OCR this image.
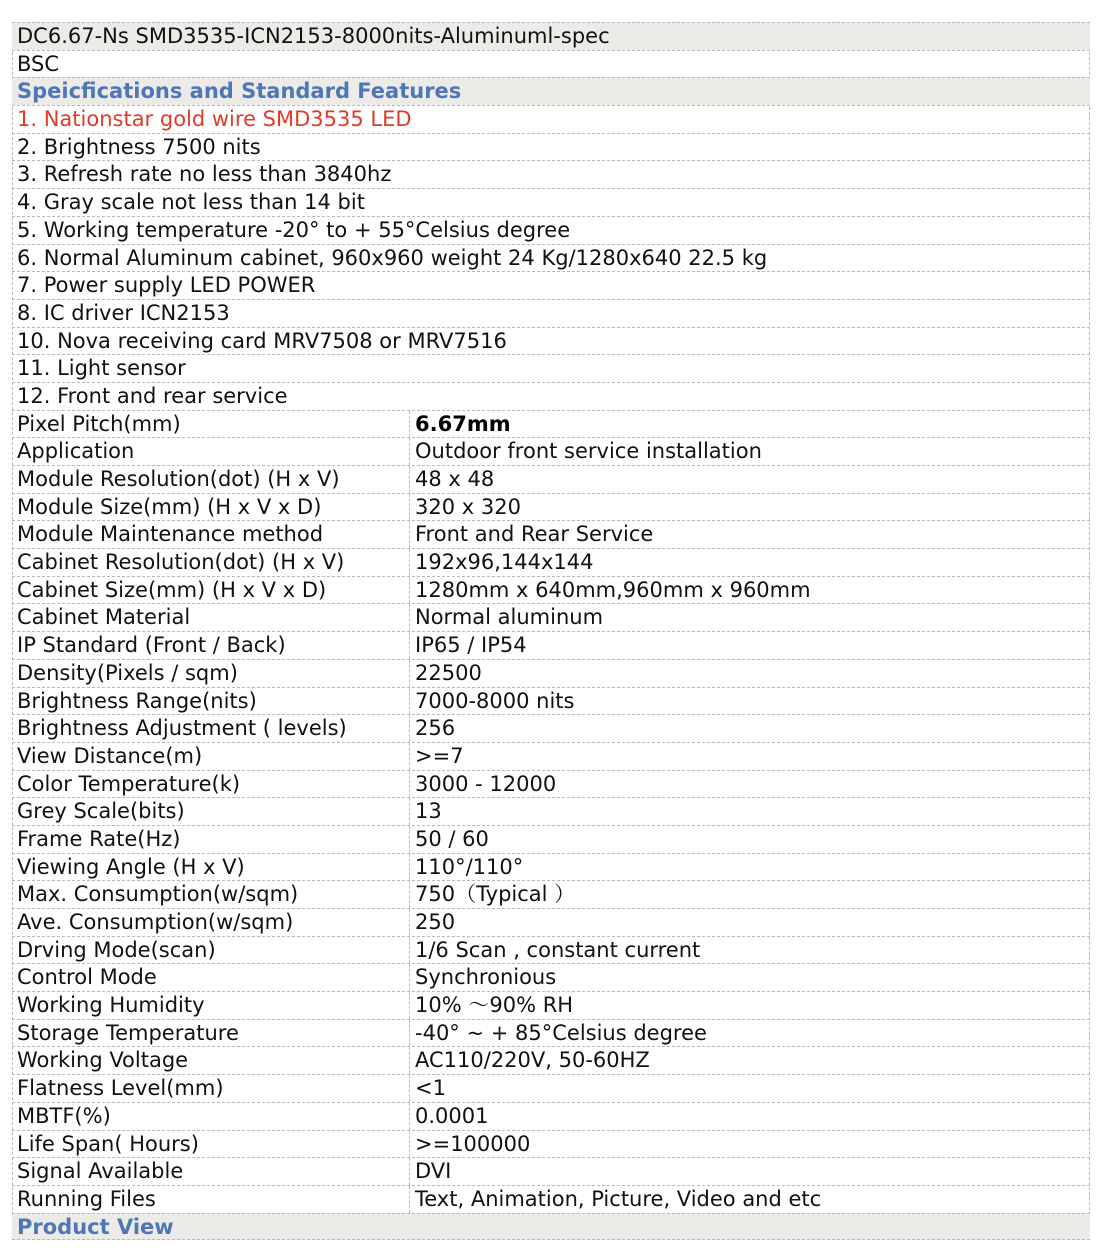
DC6.67-Ns SMD3535-ICN2153-8000nits-Aluminuml-spec
BSC
Speicfications and Standard Features
1. Nationstar gold wire SMD3535 LED
2. Brightness 7500 nits
3. Refresh rate no less than 3840hz
4. Gray scale not less than 14 bit
5. Working temperature -20° to + 55°Celsius degree
6. Normal Aluminum cabinet, 960x960 weight 24 Kg/1280x640 22.5 kg
7. Power supply LED POWER
8. IC driver ICN2153
10. Nova receiving card MRV7508 or MRV7516
11. Light sensor
12. Front and rear service
Pixel Pitch(mm)	6.67mm
Application	Outdoor front service installation
Module Resolution(dot) (H x V)	48 x 48
Module Size(mm) (H x V x D)	320 x 320
Module Maintenance method	Front and Rear Service
Cabinet Resolution(dot) (H x V)	192x96,144x144
Cabinet Size(mm) (H x V x D)	1280mm x 640mm,960mm x 960mm
Cabinet Material	Normal aluminum
IP Standard (Front / Back)	IP65 / IP54
Density(Pixels / sqm)	22500
Brightness Range(nits)	7000-8000 nits
Brightness Adjustment ( levels)	256
View Distance(m)	>=7
Color Temperature(k)	3000 - 12000
Grey Scale(bits)	13
Frame Rate(Hz)	50 / 60
Viewing Angle (H x V)	110°/110°
Max. Consumption(w/sqm)	750（Typical ）
Ave. Consumption(w/sqm)	250
Drving Mode(scan)	1/6 Scan , constant current
Control Mode	Synchronious
Working Humidity	10% ～90% RH
Storage Temperature	-40° ~ + 85°Celsius degree
Working Voltage	AC110/220V, 50-60HZ
Flatness Level(mm)	<1
MBTF(%)	0.0001
Life Span( Hours)	>=100000
Signal Available	DVI
Running Files	Text, Animation, Picture, Video and etc
Product View
